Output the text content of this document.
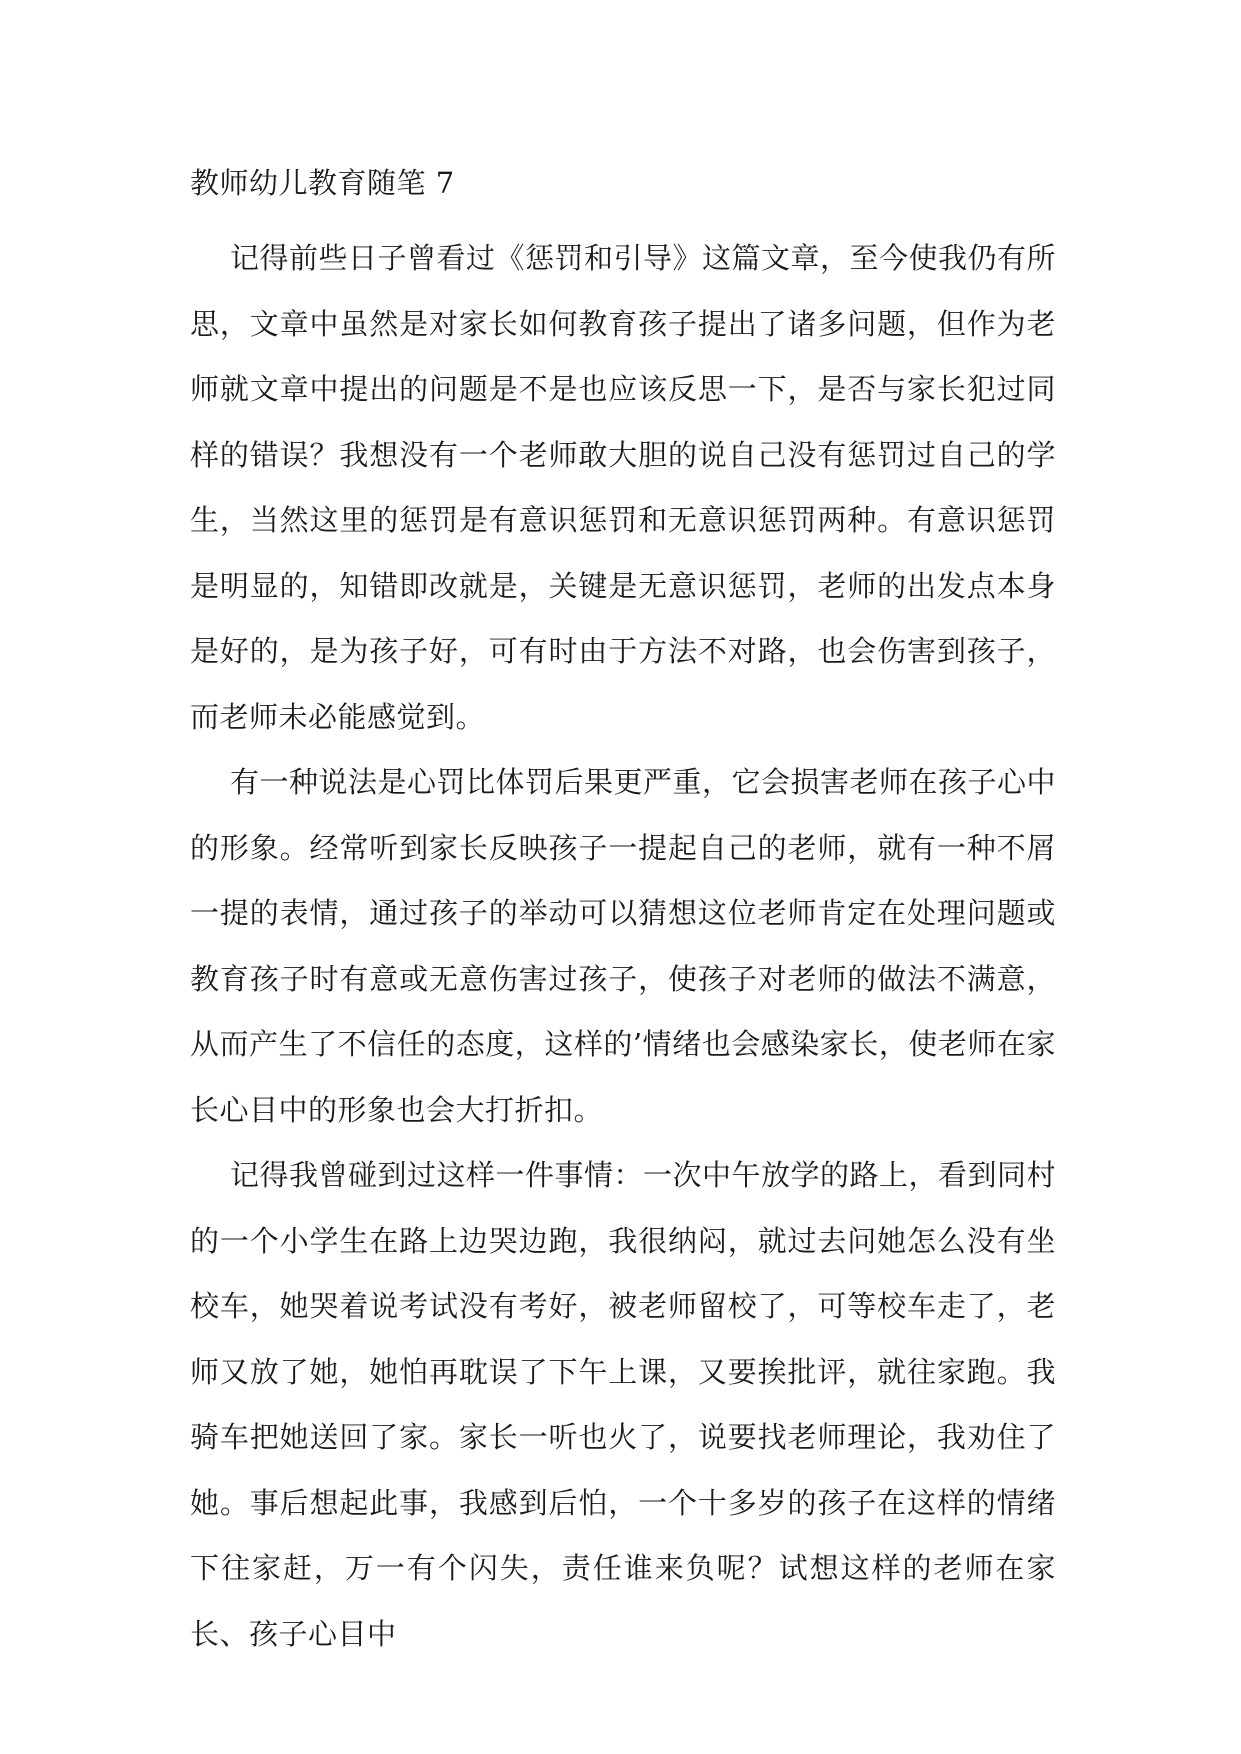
教师幼儿教育随笔 7

记得前些日子曾看过《惩罚和引导》这篇文章，至今使我仍有所思，文章中虽然是对家长如何教育孩子提出了诸多问题，但作为老师就文章中提出的问题是不是也应该反思一下，是否与家长犯过同样的错误？我想没有一个老师敢大胆的说自己没有惩罚过自己的学生，当然这里的惩罚是有意识惩罚和无意识惩罚两种。有意识惩罚是明显的，知错即改就是，关键是无意识惩罚，老师的出发点本身是好的，是为孩子好，可有时由于方法不对路，也会伤害到孩子，而老师未必能感觉到。

有一种说法是心罚比体罚后果更严重，它会损害老师在孩子心中的形象。经常听到家长反映孩子一提起自己的老师，就有一种不屑一提的表情，通过孩子的举动可以猜想这位老师肯定在处理问题或教育孩子时有意或无意伤害过孩子，使孩子对老师的做法不满意，从而产生了不信任的态度，这样的’情绪也会感染家长，使老师在家长心目中的形象也会大打折扣。

记得我曾碰到过这样一件事情：一次中午放学的路上，看到同村的一个小学生在路上边哭边跑，我很纳闷，就过去问她怎么没有坐校车，她哭着说考试没有考好，被老师留校了，可等校车走了，老师又放了她，她怕再耽误了下午上课，又要挨批评，就往家跑。我骑车把她送回了家。家长一听也火了，说要找老师理论，我劝住了她。事后想起此事，我感到后怕，一个十多岁的孩子在这样的情绪下往家赶，万一有个闪失，责任谁来负呢？试想这样的老师在家长、孩子心目中
